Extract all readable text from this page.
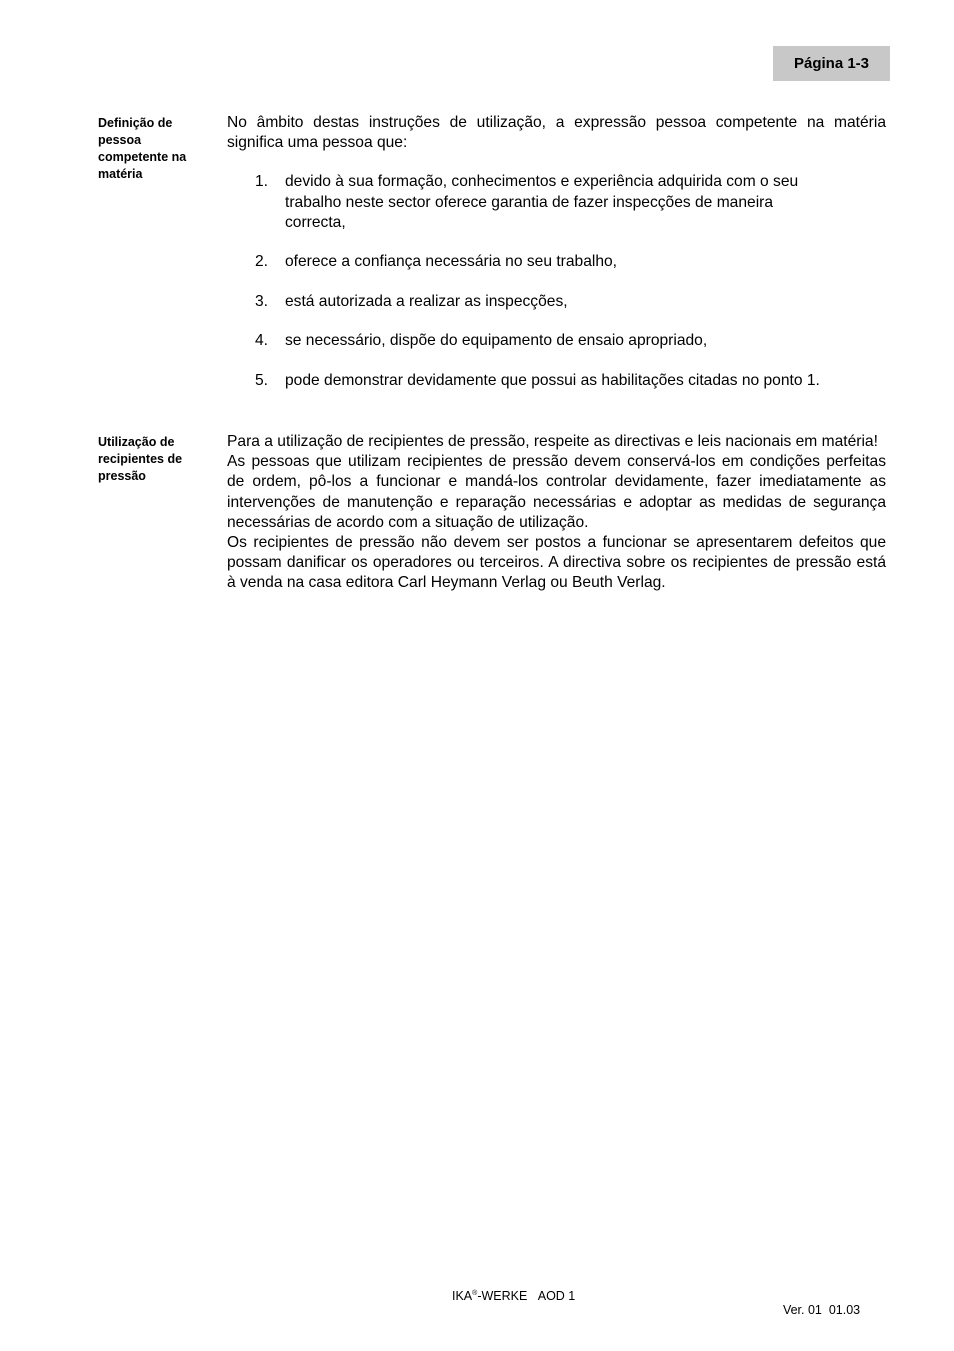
Página 1-3

Definição de pessoa competente na matéria

No âmbito destas instruções de utilização, a expressão pessoa competente na matéria significa uma pessoa que:

1.	devido à sua formação, conhecimentos e experiência adquirida com o seu trabalho neste sector oferece garantia de fazer inspecções de maneira correcta,
2.	oferece a confiança necessária no seu trabalho,
3.	está autorizada a realizar as inspecções,
4.	se necessário, dispõe do equipamento de ensaio apropriado,
5.	pode demonstrar devidamente que possui as habilitações citadas no ponto 1.

Utilização de recipientes de pressão

Para a utilização de recipientes de pressão, respeite as directivas e leis nacionais em matéria!

As pessoas que utilizam recipientes de pressão devem conservá-los em condições perfeitas de ordem, pô-los a funcionar e mandá-los controlar devidamente, fazer imediatamente as intervenções de manutenção e reparação necessárias e adoptar as medidas de segurança necessárias de acordo com a situação de utilização.

Os recipientes de pressão não devem ser postos a funcionar se apresentarem defeitos que possam danificar os operadores ou terceiros. A directiva sobre os recipientes de pressão está à venda na casa editora Carl Heymann Verlag ou Beuth Verlag.

IKA®-WERKE AOD 1

Ver. 01  01.03
